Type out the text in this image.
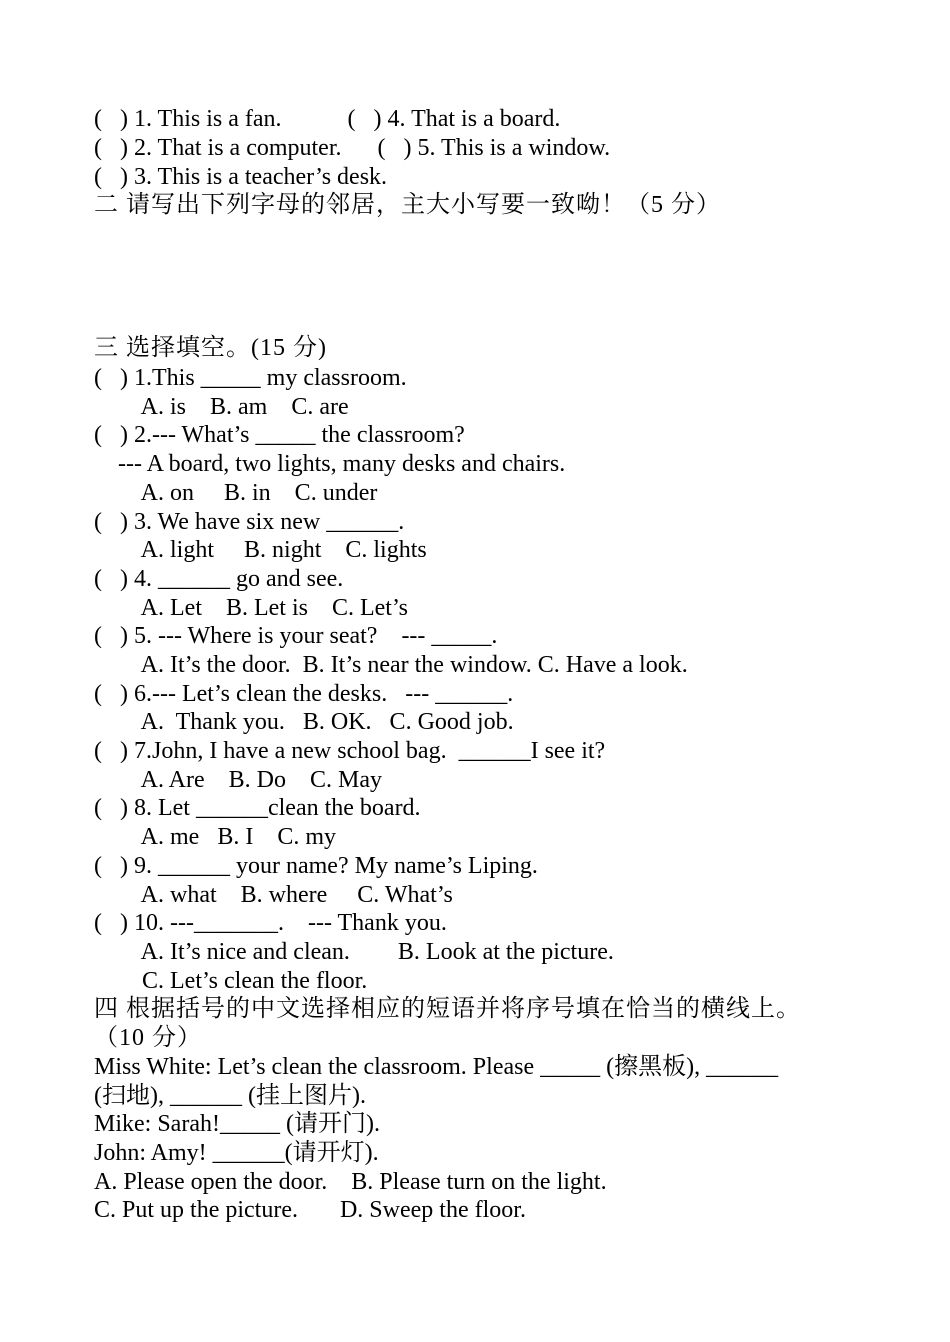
(   ) 1. This is a fan.           (   ) 4. That is a board.
(   ) 2. That is a computer.      (   ) 5. This is a window.
(   ) 3. This is a teacher’s desk.
二 请写出下列字母的邻居，主大小写要一致呦！（5 分）
三 选择填空。(15 分)
(   ) 1.This _____ my classroom.
A. is    B. am    C. are
(   ) 2.--- What’s _____ the classroom?
--- A board, two lights, many desks and chairs.
A. on     B. in    C. under
(   ) 3. We have six new ______.
A. light     B. night    C. lights
(   ) 4. ______ go and see.
A. Let    B. Let is    C. Let’s
(   ) 5. --- Where is your seat?    --- _____.
A. It’s the door.  B. It’s near the window. C. Have a look.
(   ) 6.--- Let’s clean the desks.   --- ______.
A.  Thank you.   B. OK.   C. Good job.
(   ) 7.John, I have a new school bag.  ______I see it?
A. Are    B. Do    C. May
(   ) 8. Let ______clean the board.
A. me   B. I    C. my
(   ) 9. ______ your name? My name’s Liping.
A. what    B. where     C. What’s
(   ) 10. ---_______.    --- Thank you.
A. It’s nice and clean.        B. Look at the picture.
C. Let’s clean the floor.
四 根据括号的中文选择相应的短语并将序号填在恰当的横线上。
（10 分）
Miss White: Let’s clean the classroom. Please _____ (擦黑板), ______
(扫地), ______ (挂上图片).
Mike: Sarah!_____ (请开门).
John: Amy! ______(请开灯).
A. Please open the door.    B. Please turn on the light.
C. Put up the picture.       D. Sweep the floor.
